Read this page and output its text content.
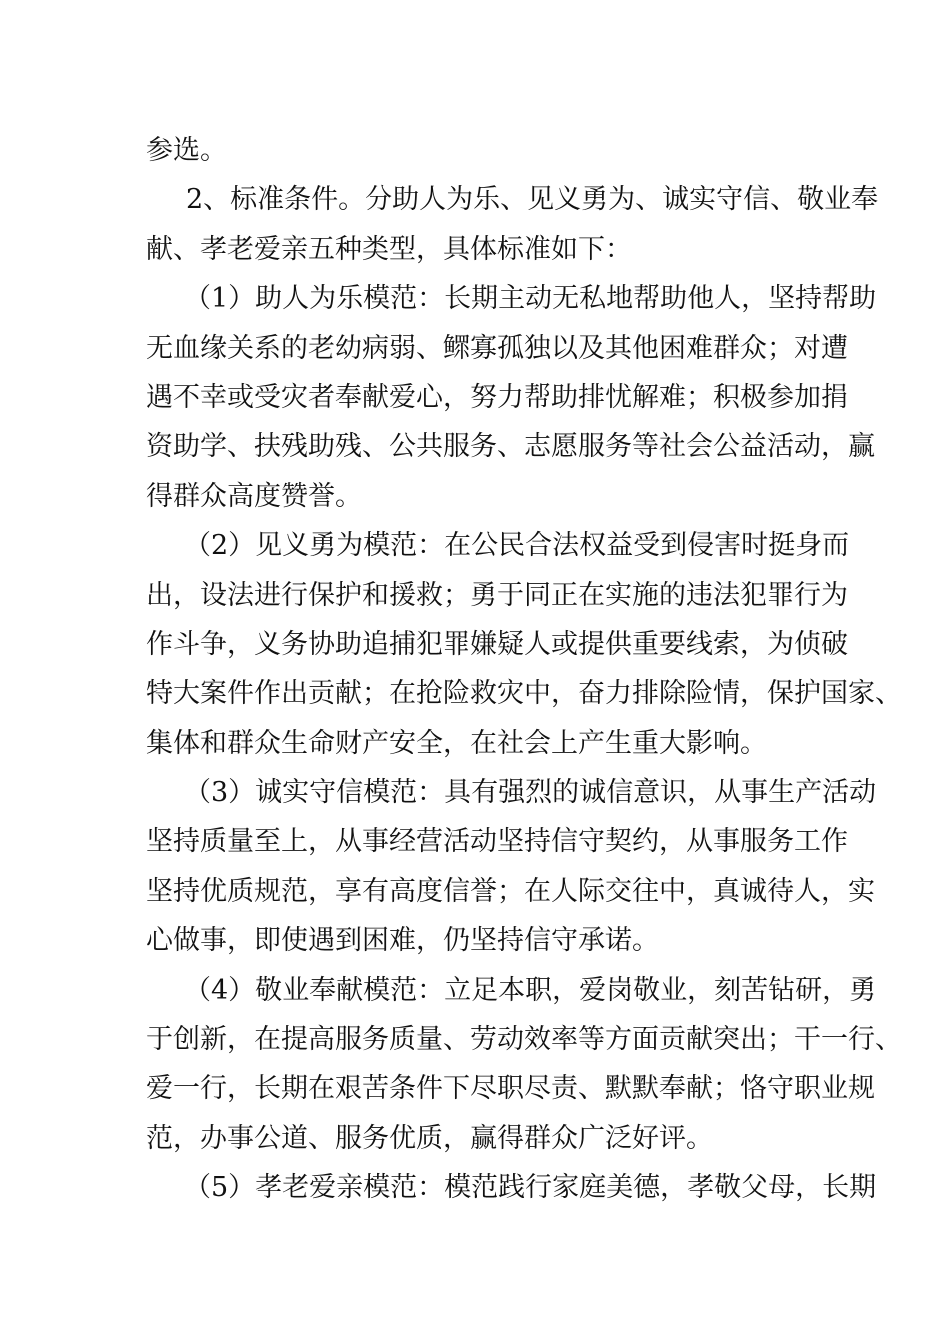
参选。
2、标准条件。分助人为乐、见义勇为、诚实守信、敬业奉
献、孝老爱亲五种类型，具体标准如下：
（1）助人为乐模范：长期主动无私地帮助他人，坚持帮助
无血缘关系的老幼病弱、鳏寡孤独以及其他困难群众；对遭
遇不幸或受灾者奉献爱心，努力帮助排忧解难；积极参加捐
资助学、扶残助残、公共服务、志愿服务等社会公益活动，赢
得群众高度赞誉。
（2）见义勇为模范：在公民合法权益受到侵害时挺身而
出，设法进行保护和援救；勇于同正在实施的违法犯罪行为
作斗争，义务协助追捕犯罪嫌疑人或提供重要线索，为侦破
特大案件作出贡献；在抢险救灾中，奋力排除险情，保护国家、
集体和群众生命财产安全，在社会上产生重大影响。
（3）诚实守信模范：具有强烈的诚信意识，从事生产活动
坚持质量至上，从事经营活动坚持信守契约，从事服务工作
坚持优质规范，享有高度信誉；在人际交往中，真诚待人，实
心做事，即使遇到困难，仍坚持信守承诺。
（4）敬业奉献模范：立足本职，爱岗敬业，刻苦钻研，勇
于创新，在提高服务质量、劳动效率等方面贡献突出；干一行、
爱一行，长期在艰苦条件下尽职尽责、默默奉献；恪守职业规
范，办事公道、服务优质，赢得群众广泛好评。
（5）孝老爱亲模范：模范践行家庭美德，孝敬父母，长期
